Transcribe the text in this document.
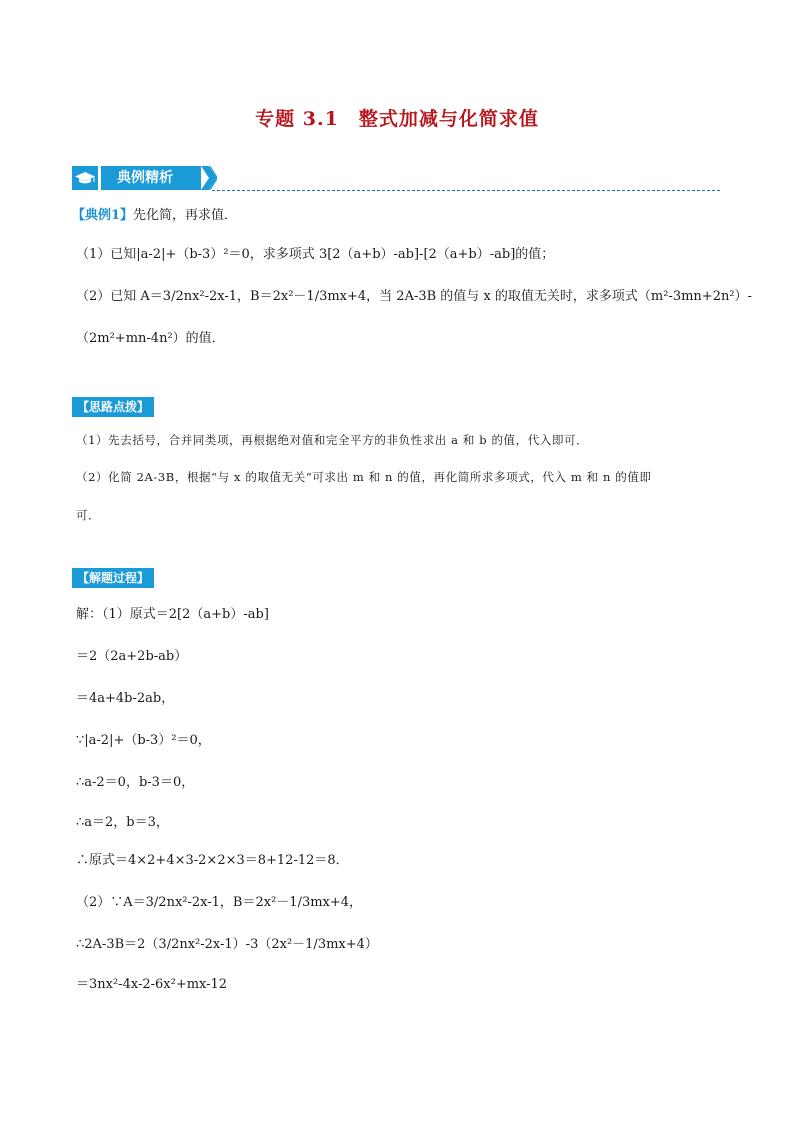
专题 3.1　整式加减与化简求值
典例精析
【典例1】先化简，再求值．
（1）已知|a-2|+（b-3）²＝0，求多项式 3[2（a+b）-ab]-[2（a+b）-ab]的值；
（2）已知 A＝3/2nx²-2x-1，B＝2x²－1/3mx+4，当 2A-3B 的值与 x 的取值无关时，求多项式（m²-3mn+2n²）-
（2m²+mn-4n²）的值．
【思路点拨】
（1）先去括号，合并同类项，再根据绝对值和完全平方的非负性求出 a 和 b 的值，代入即可．
（2）化简 2A-3B，根据“与 x 的取值无关”可求出 m 和 n 的值，再化简所求多项式，代入 m 和 n 的值即
可．
【解题过程】
解：（1）原式＝2[2（a+b）-ab]
＝2（2a+2b-ab）
＝4a+4b-2ab，
∵|a-2|+（b-3）²＝0，
∴a-2＝0，b-3＝0，
∴a＝2，b＝3，
∴原式＝4×2+4×3-2×2×3＝8+12-12＝8．
（2）∵A＝3/2nx²-2x-1，B＝2x²－1/3mx+4，
∴2A-3B＝2（3/2nx²-2x-1）-3（2x²－1/3mx+4）
＝3nx²-4x-2-6x²+mx-12
